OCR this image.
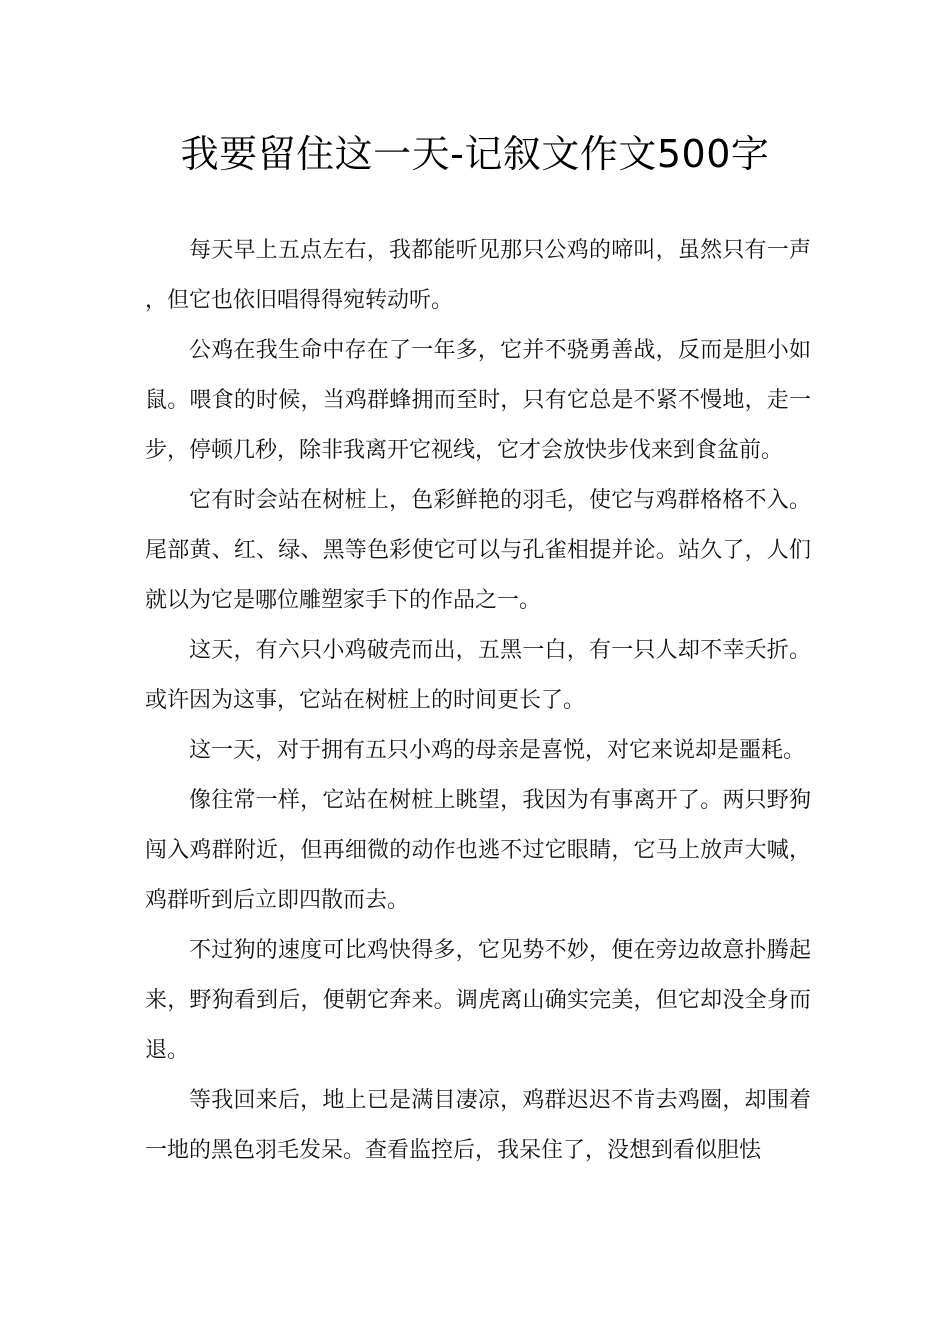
我要留住这一天-记叙文作文500字

每天早上五点左右，我都能听见那只公鸡的啼叫，虽然只有一声，但它也依旧唱得得宛转动听。

公鸡在我生命中存在了一年多，它并不骁勇善战，反而是胆小如鼠。喂食的时候，当鸡群蜂拥而至时，只有它总是不紧不慢地，走一步，停顿几秒，除非我离开它视线，它才会放快步伐来到食盆前。

它有时会站在树桩上，色彩鲜艳的羽毛，使它与鸡群格格不入。尾部黄、红、绿、黑等色彩使它可以与孔雀相提并论。站久了，人们就以为它是哪位雕塑家手下的作品之一。

这天，有六只小鸡破壳而出，五黑一白，有一只人却不幸夭折。或许因为这事，它站在树桩上的时间更长了。

这一天，对于拥有五只小鸡的母亲是喜悦，对它来说却是噩耗。

像往常一样，它站在树桩上眺望，我因为有事离开了。两只野狗闯入鸡群附近，但再细微的动作也逃不过它眼睛，它马上放声大喊，鸡群听到后立即四散而去。

不过狗的速度可比鸡快得多，它见势不妙，便在旁边故意扑腾起来，野狗看到后，便朝它奔来。调虎离山确实完美，但它却没全身而退。

等我回来后，地上已是满目凄凉，鸡群迟迟不肯去鸡圈，却围着一地的黑色羽毛发呆。查看监控后，我呆住了，没想到看似胆怯
